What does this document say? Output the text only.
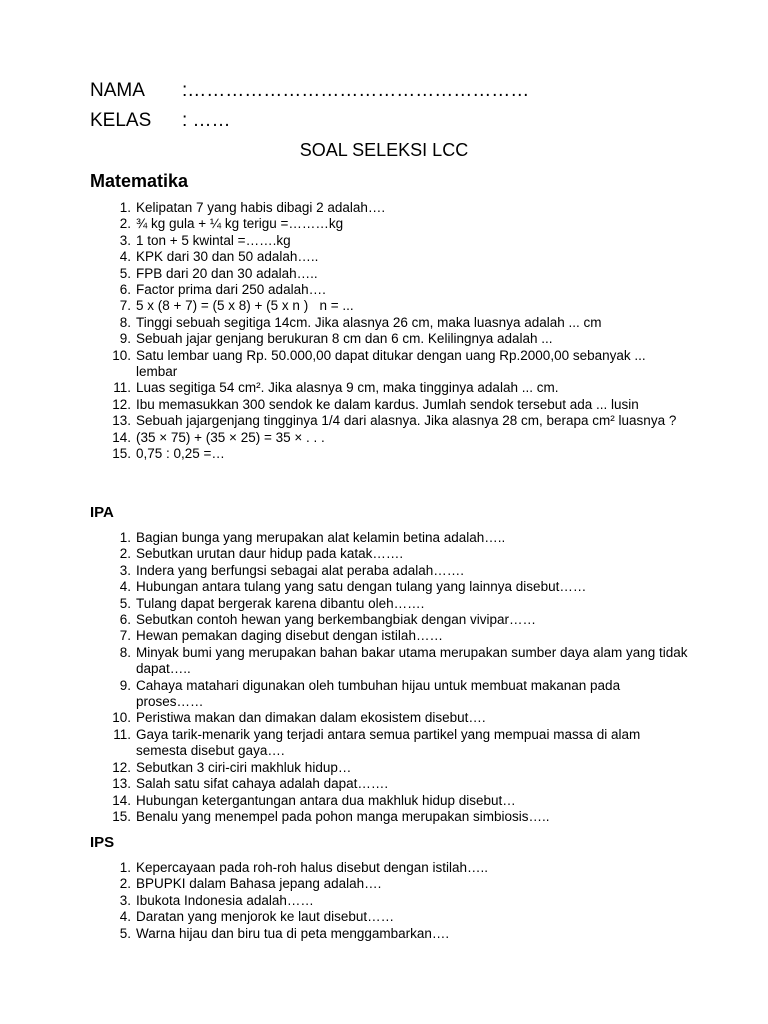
NAMA :………………………………………………
KELAS : ……
SOAL SELEKSI LCC
Matematika
1. Kelipatan 7 yang habis dibagi 2 adalah….
2. ¾ kg gula + ¼ kg terigu =………kg
3. 1 ton + 5 kwintal =…….kg
4. KPK dari 30 dan 50 adalah…..
5. FPB dari 20 dan 30 adalah…..
6. Factor prima dari 250 adalah….
7. 5 x (8 + 7) = (5 x 8) + (5 x n )   n = ...
8. Tinggi sebuah segitiga 14cm. Jika alasnya 26 cm, maka luasnya adalah ... cm
9. Sebuah jajar genjang berukuran 8 cm dan 6 cm. Kelilingnya adalah ...
10. Satu lembar uang Rp. 50.000,00 dapat ditukar dengan uang Rp.2000,00 sebanyak ... lembar
11. Luas segitiga 54 cm². Jika alasnya 9 cm, maka tingginya adalah ... cm.
12. Ibu memasukkan 300 sendok ke dalam kardus. Jumlah sendok tersebut ada ... lusin
13. Sebuah jajargenjang tingginya 1/4 dari alasnya. Jika alasnya 28 cm, berapa cm² luasnya ?
14. (35 × 75) + (35 × 25) = 35 × . . .
15. 0,75 : 0,25 =…
IPA
1. Bagian bunga yang merupakan alat kelamin betina adalah…..
2. Sebutkan urutan daur hidup pada katak…….
3. Indera yang berfungsi sebagai alat peraba adalah…….
4. Hubungan antara tulang yang satu dengan tulang yang lainnya disebut……
5. Tulang dapat bergerak karena dibantu oleh…….
6. Sebutkan contoh hewan yang berkembangbiak dengan vivipar……
7. Hewan pemakan daging disebut dengan istilah……
8. Minyak bumi yang merupakan bahan bakar utama merupakan sumber daya alam yang tidak dapat…..
9. Cahaya matahari digunakan oleh tumbuhan hijau untuk membuat makanan pada proses……
10. Peristiwa makan dan dimakan dalam ekosistem disebut….
11. Gaya tarik-menarik yang terjadi antara semua partikel yang mempuai massa di alam semesta disebut gaya….
12. Sebutkan 3 ciri-ciri makhluk hidup…
13. Salah satu sifat cahaya adalah dapat…….
14. Hubungan ketergantungan antara dua makhluk hidup disebut…
15. Benalu yang menempel pada pohon manga merupakan simbiosis…..
IPS
1. Kepercayaan pada roh-roh halus disebut dengan istilah…..
2. BPUPKI dalam Bahasa jepang adalah….
3. Ibukota Indonesia adalah……
4. Daratan yang menjorok ke laut disebut……
5. Warna hijau dan biru tua di peta menggambarkan….
